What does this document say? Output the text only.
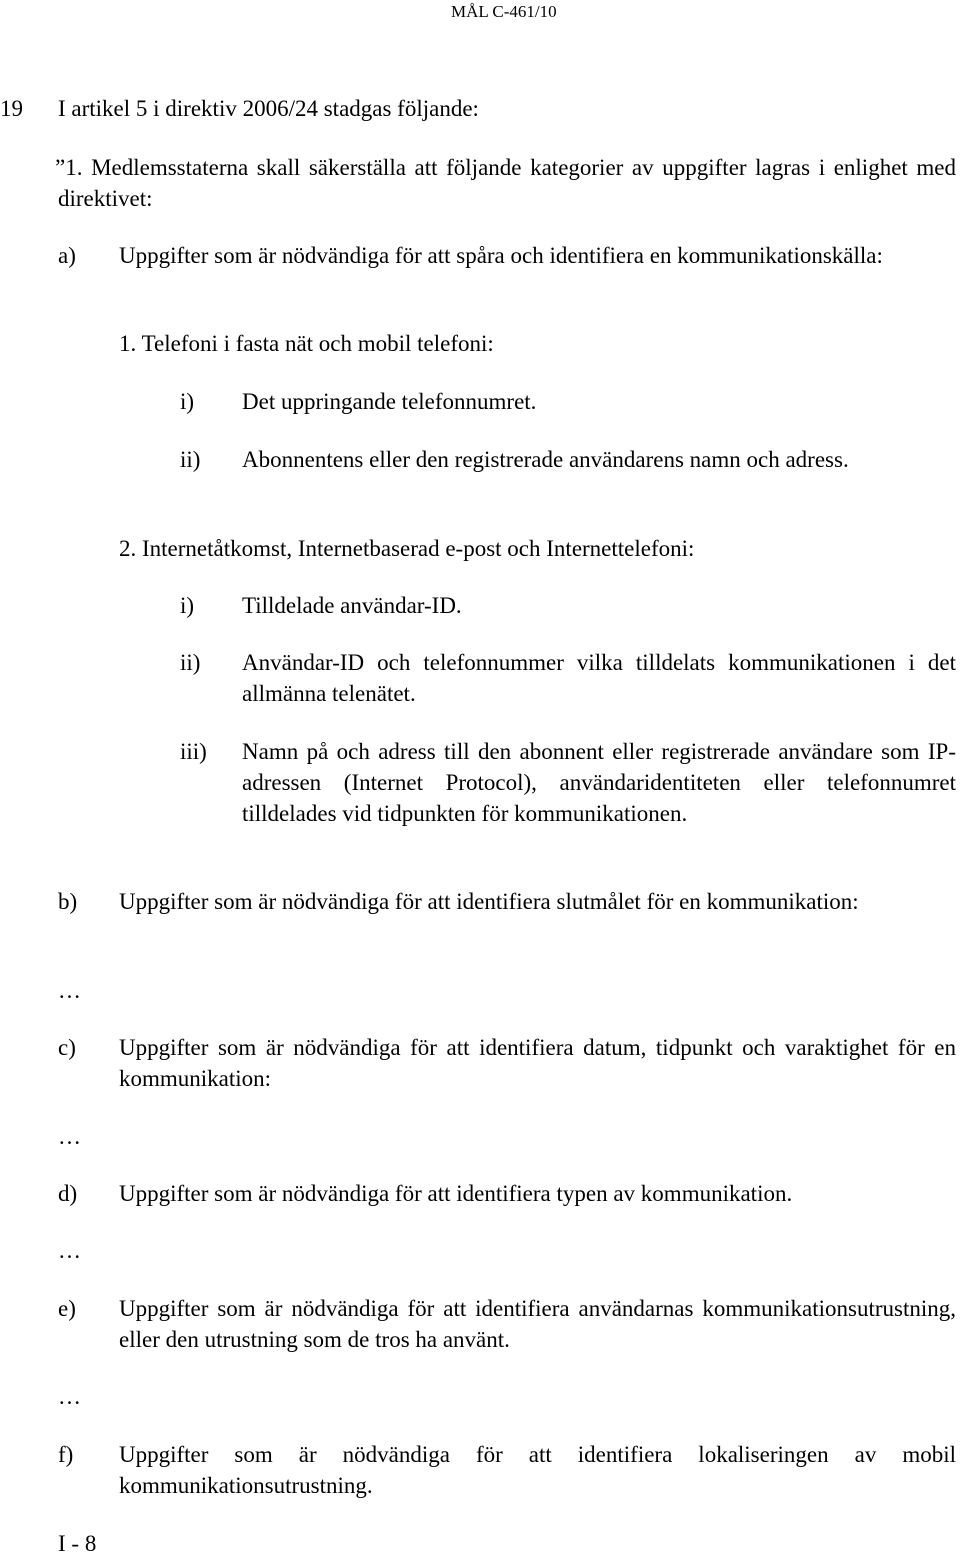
MÅL C-461/10
19 I artikel 5 i direktiv 2006/24 stadgas följande:
”1. Medlemsstaterna skall säkerställa att följande kategorier av uppgifter lagras i enlighet med direktivet:
a) Uppgifter som är nödvändiga för att spåra och identifiera en kommunikationskälla:
1. Telefoni i fasta nät och mobil telefoni:
i) Det uppringande telefonnumret.
ii) Abonnentens eller den registrerade användarens namn och adress.
2. Internetåtkomst, Internetbaserad e-post och Internettelefoni:
i) Tilldelade användar-ID.
ii) Användar-ID och telefonnummer vilka tilldelats kommunikationen i det allmänna telenätet.
iii) Namn på och adress till den abonnent eller registrerade användare som IP-adressen (Internet Protocol), användaridentiteten eller telefonnumret tilldelades vid tidpunkten för kommunikationen.
b) Uppgifter som är nödvändiga för att identifiera slutmålet för en kommunikation:
…
c) Uppgifter som är nödvändiga för att identifiera datum, tidpunkt och varaktighet för en kommunikation:
…
d) Uppgifter som är nödvändiga för att identifiera typen av kommunikation.
…
e) Uppgifter som är nödvändiga för att identifiera användarnas kommunikationsutrustning, eller den utrustning som de tros ha använt.
…
f) Uppgifter som är nödvändiga för att identifiera lokaliseringen av mobil kommunikationsutrustning.
I - 8
